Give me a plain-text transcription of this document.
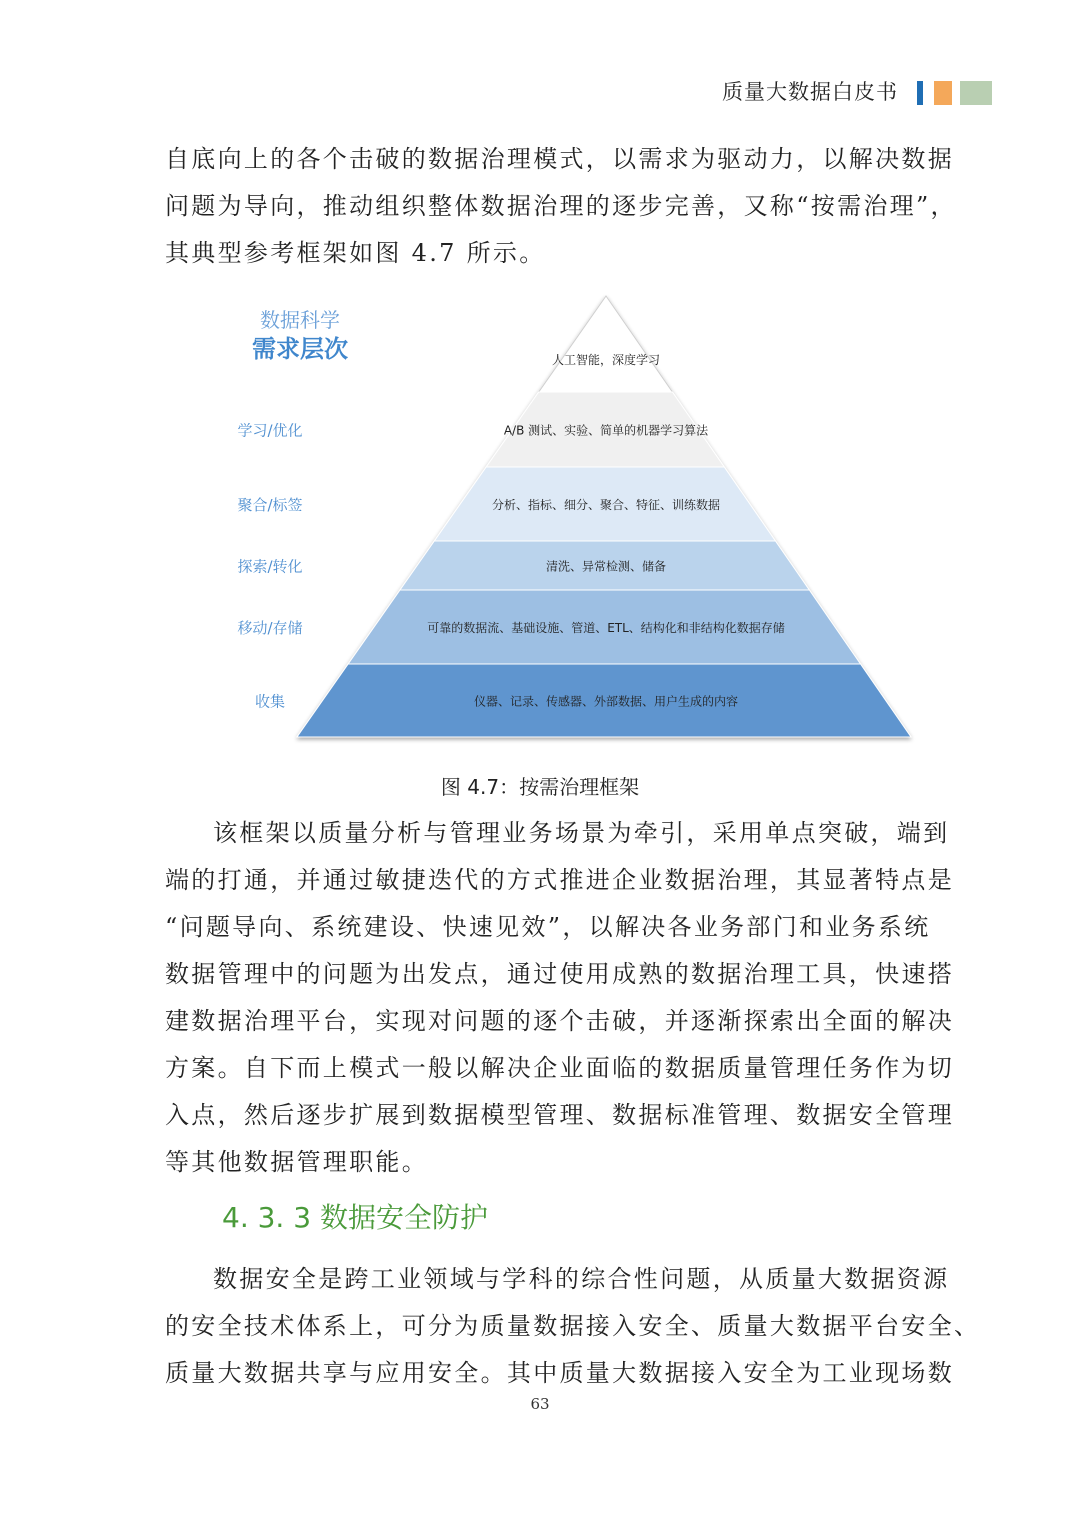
质量大数据白皮书
自底向上的各个击破的数据治理模式，以需求为驱动力，以解决数据
问题为导向，推动组织整体数据治理的逐步完善，又称“按需治理”，
其典型参考框架如图 4.7 所示。
数据科学
需求层次	人工智能，深度学习
A/B 测试、实验、简单的机器学习算法
分析、指标、细分、聚合、特征、训练数据
清洗、异常检测、储备
可靠的数据流、基础设施、管道、ETL、结构化和非结构化数据存储
仪器、记录、传感器、外部数据、用户生成的内容
学习/优化
聚合/标签
探索/转化
移动/存储
收集
图 4.7：按需治理框架
该框架以质量分析与管理业务场景为牵引，采用单点突破，端到
端的打通，并通过敏捷迭代的方式推进企业数据治理，其显著特点是
“问题导向、系统建设、快速见效”，以解决各业务部门和业务系统
数据管理中的问题为出发点，通过使用成熟的数据治理工具，快速搭
建数据治理平台，实现对问题的逐个击破，并逐渐探索出全面的解决
方案。自下而上模式一般以解决企业面临的数据质量管理任务作为切
入点，然后逐步扩展到数据模型管理、数据标准管理、数据安全管理
等其他数据管理职能。
4. 3. 3 数据安全防护
数据安全是跨工业领域与学科的综合性问题，从质量大数据资源
的安全技术体系上，可分为质量数据接入安全、质量大数据平台安全、
质量大数据共享与应用安全。其中质量大数据接入安全为工业现场数
63
